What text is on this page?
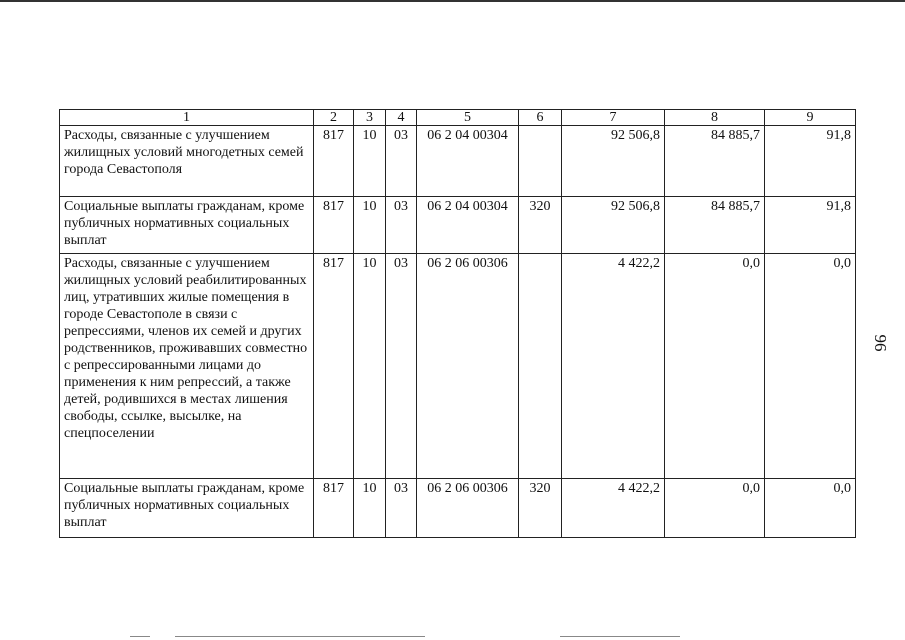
1	2	3	4	5	6	7	8	9
Расходы, связанные с улучшением жилищных условий многодетных семей города Севастополя	817	10	03	06 2 04 00304		92 506,8	84 885,7	91,8
Социальные выплаты гражданам, кроме публичных нормативных социальных выплат	817	10	03	06 2 04 00304	320	92 506,8	84 885,7	91,8
Расходы, связанные с улучшением жилищных условий реабилитированных лиц, утративших жилые помещения в городе Севастополе в связи с репрессиями, членов их семей и других родственников, проживавших совместно с репрессированными лицами до применения к ним репрессий, а также детей, родившихся в местах лишения свободы, ссылке, высылке, на спецпоселении	817	10	03	06 2 06 00306		4 422,2	0,0	0,0
Социальные выплаты гражданам, кроме публичных нормативных социальных выплат	817	10	03	06 2 06 00306	320	4 422,2	0,0	0,0
96
